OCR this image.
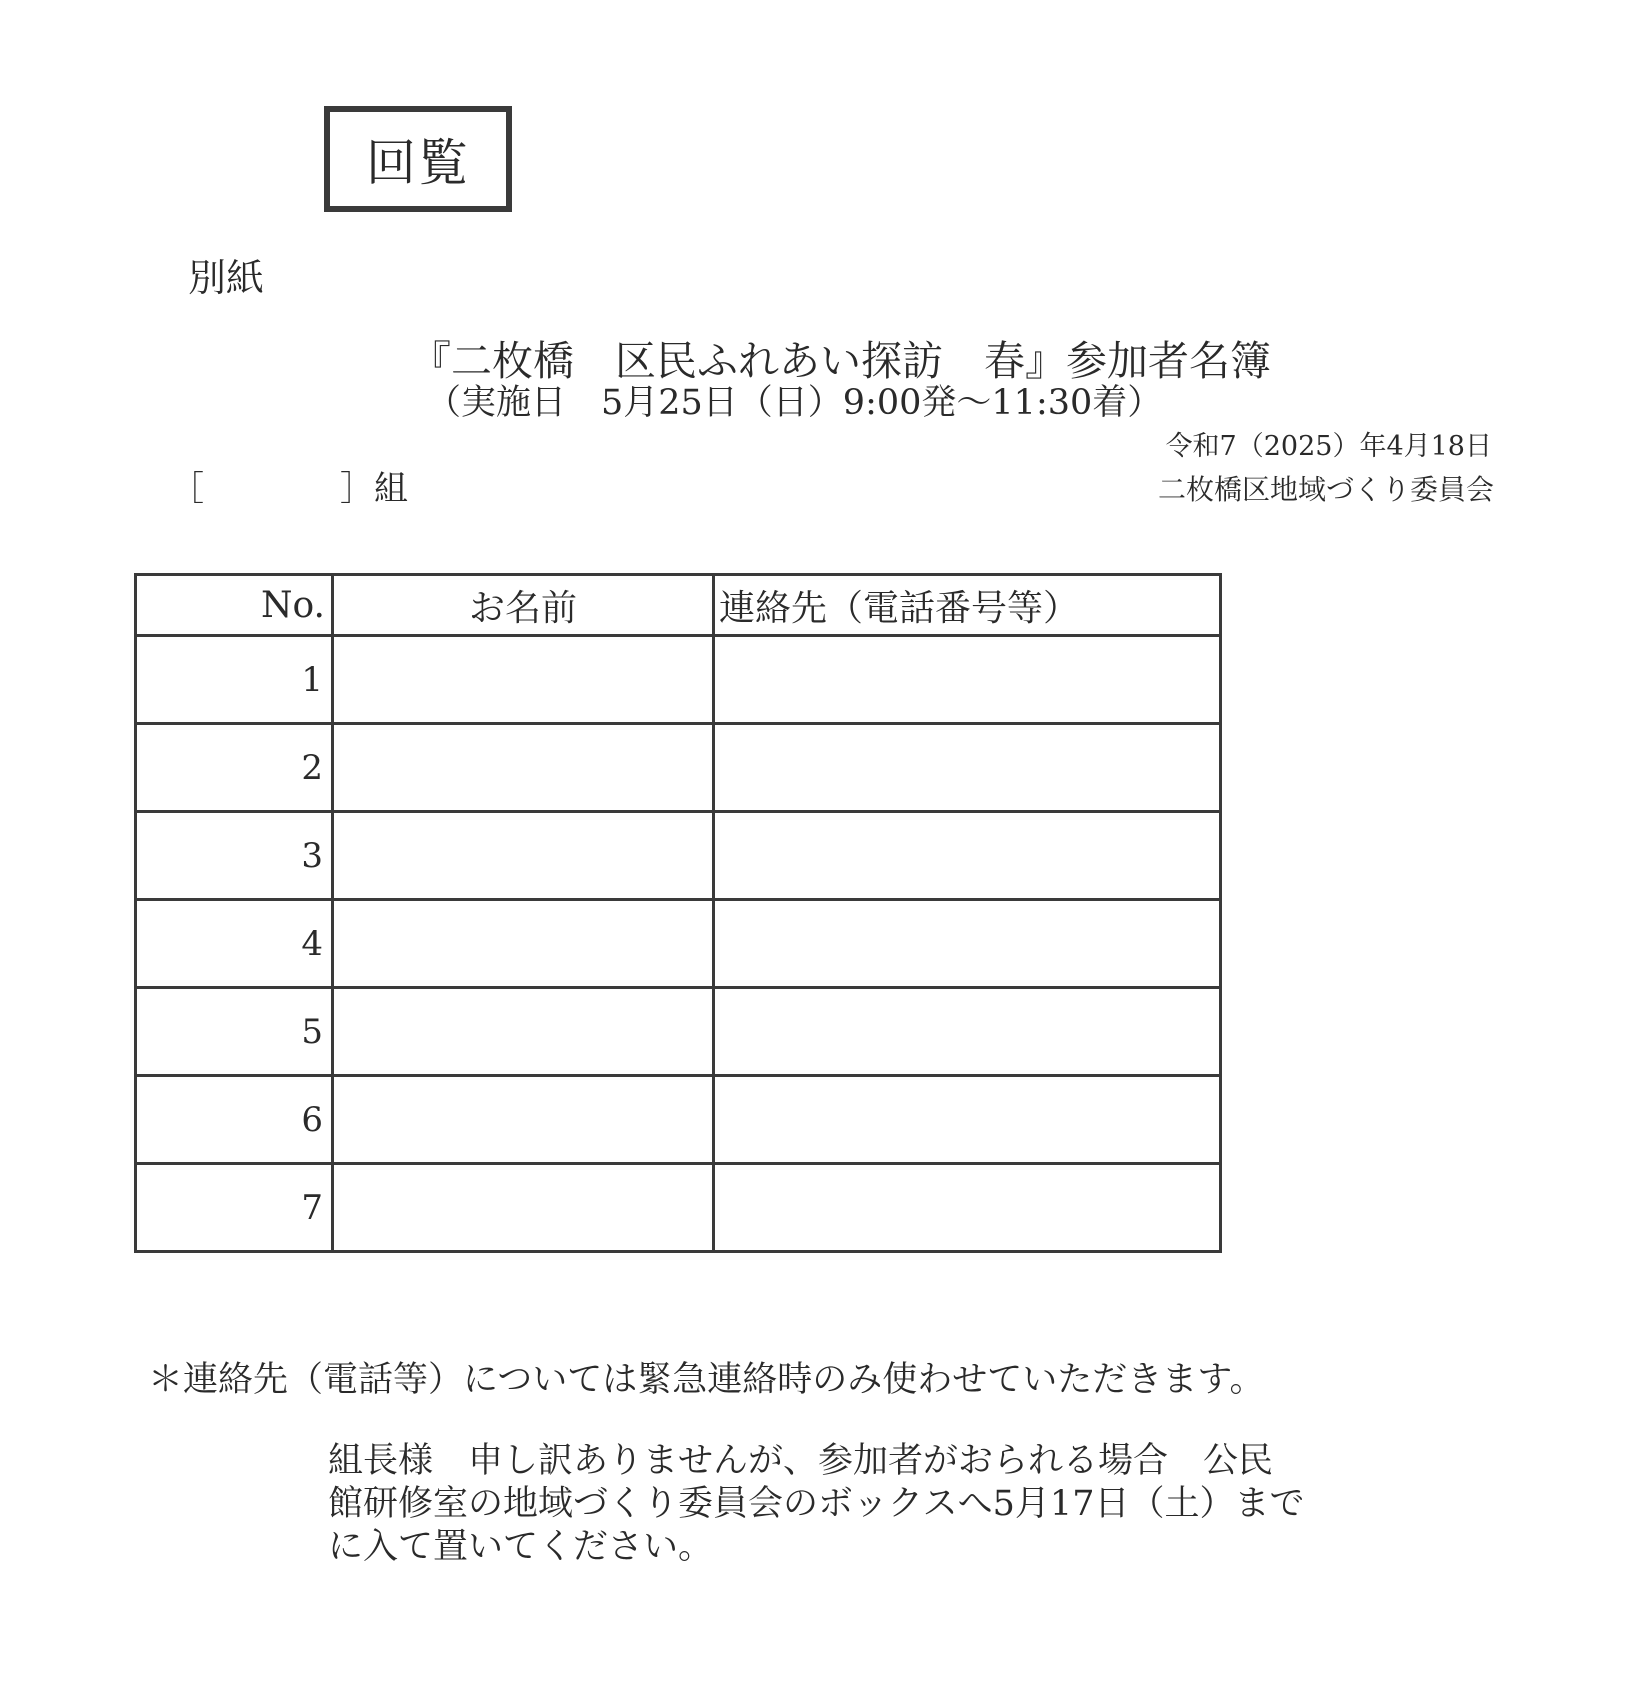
回覧
別紙
『二枚橋　区民ふれあい探訪　春』参加者名簿
（実施日　5月25日（日）9:00発～11:30着）
令和7（2025）年4月18日
［　　　　］組	二枚橋区地域づくり委員会
No.	お名前	連絡先（電話番号等）
1		
2		
3		
4		
5		
6		
7		
＊連絡先（電話等）については緊急連絡時のみ使わせていただきます。
組長様　申し訳ありませんが、参加者がおられる場合　公民
館研修室の地域づくり委員会のボックスへ5月17日（土）まで
に入て置いてください。
